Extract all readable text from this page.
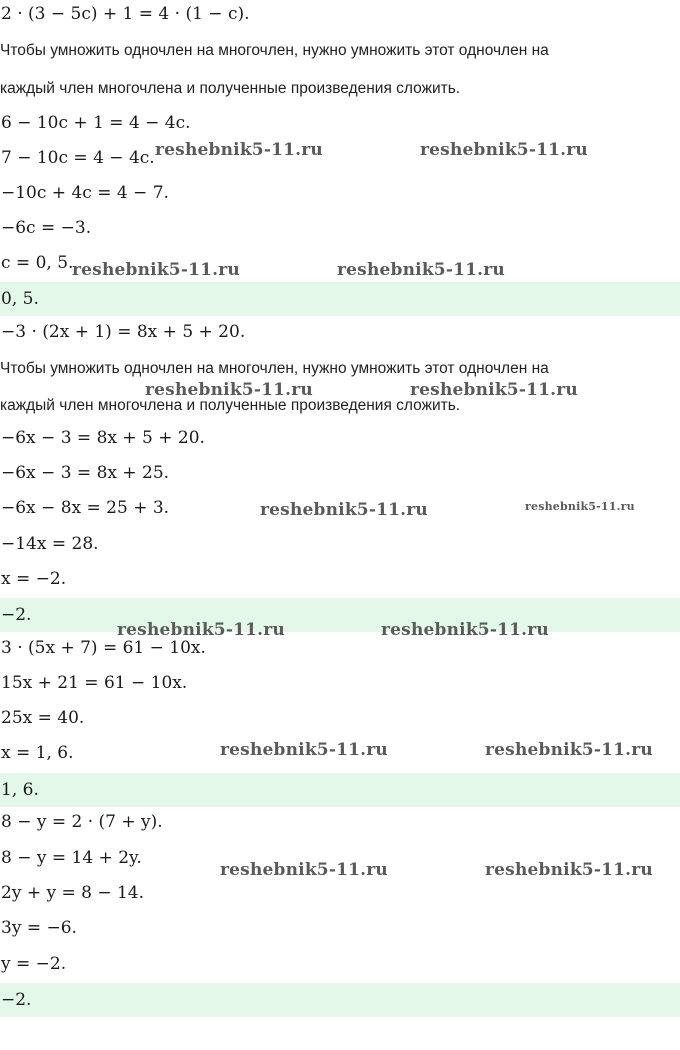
2 · (3 − 5c) + 1 = 4 · (1 − c).
Чтобы умножить одночлен на многочлен, нужно умножить этот одночлен на
каждый член многочлена и полученные произведения сложить.
6 − 10c + 1 = 4 − 4c.
7 − 10c = 4 − 4c.
−10c + 4c = 4 − 7.
−6c = −3.
c = 0, 5.
0, 5.
−3 · (2x + 1) = 8x + 5 + 20.
Чтобы умножить одночлен на многочлен, нужно умножить этот одночлен на
каждый член многочлена и полученные произведения сложить.
−6x − 3 = 8x + 5 + 20.
−6x − 3 = 8x + 25.
−6x − 8x = 25 + 3.
−14x = 28.
x = −2.
−2.
3 · (5x + 7) = 61 − 10x.
15x + 21 = 61 − 10x.
25x = 40.
x = 1, 6.
1, 6.
8 − y = 2 · (7 + y).
8 − y = 14 + 2y.
2y + y = 8 − 14.
3y = −6.
y = −2.
−2.
reshebnik5-11.ru	reshebnik5-11.ru
reshebnik5-11.ru	reshebnik5-11.ru
reshebnik5-11.ru	reshebnik5-11.ru
reshebnik5-11.ru	reshebnik5-11.ru
reshebnik5-11.ru	reshebnik5-11.ru
reshebnik5-11.ru	reshebnik5-11.ru
reshebnik5-11.ru	reshebnik5-11.ru
